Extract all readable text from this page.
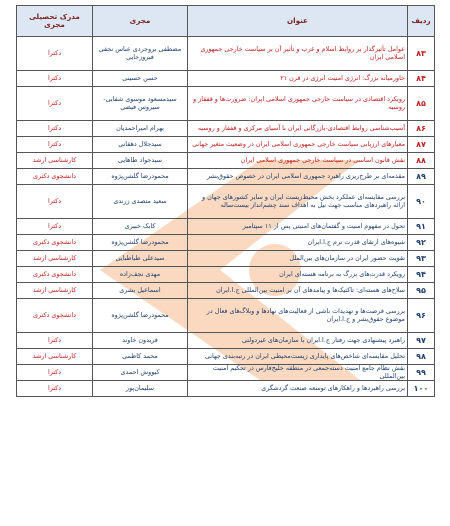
ردیف	عنوان	مجری	مدرک تحصیلی مجری
۸۳	عوامل تأثیرگذار بر روابط اسلام و غرب و تأثیر آن بر سیاست خارجی جمهوری اسلامی ایران	مصطفی بروجردی عباس نجفی فیروزجایی	دکترا
۸۴	خاورمیانه بزرگ: انرژی امنیت انرژی در قرن ۲۱	حسن حسینی	دکترا
۸۵	رویکرد اقتصادی در سیاست خارجی جمهوری اسلامی ایران: ضرورت‌ها و قفقاز و روسیه	سیدمسعود موسوی شفایی-سیروس فیضی	دکترا
۸۶	آسیب‌شناسی روابط اقتصادی-بازرگانی ایران با آسیای مرکزی و قفقاز و روسیه	بهرام امیراحمدیان	دکترا
۸۷	معیارهای ارزیابی سیاست خارجی جمهوری اسلامی ایران در وضعیت متغیر جهانی	سیدجلال دهقانی	دکترا
۸۸	نقش قانون اساسی در سیاست خارجی جمهوری اسلامی ایران	سیدجواد طاهایی	کارشناسی ارشد
۸۹	مقدمه‌ای بر طرح‌ریزی راهبرد جمهوری اسلامی ایران در خصوص حقوق‌بشر	محمودرضا گلشن‌پژوه	دانشجوی دکتری
۹۰	بررسی مقایسه‌ای عملکرد بخش محیط‌زیست ایران و سایر کشورهای جهان و ارائه راهبردهای مناسب جهت نیل به اهداف سند چشم‌انداز بیست‌ساله	سعید متصدی زرندی	دکترا
۹۱	تحول در مفهوم امنیت و گفتمان‌های امنیتی پس از ۱۱ سپتامبر	کابک خبیری	دکترا
۹۲	شیوه‌های ارتقای قدرت نرم ج.ا.ایران	محمودرضا گلشن‌پژوه	دانشجوی دکتری
۹۳	تقویت حضور ایران در سازمان‌های بین‌الملل	سیدعلی طباطبایی	کارشناسی ارشد
۹۴	رویکرد قدرت‌های بزرگ به برنامه هسته‌ای ایران	مهدی نجف‌زاده	دانشجوی دکتری
۹۵	سلاح‌های هسته‌ای: تاکتیک‌ها و پیامدهای آن بر امنیت بین‌المللی ج.ا.ایران	اسماعیل بشری	کارشناسی ارشد
۹۶	بررسی فرصت‌ها و تهدیدات ناشی از فعالیت‌های نهادها و وبلاگ‌های فعال در موضوع حقوق‌بشر و ج.ا.ایران	محمودرضا گلشن‌پژوه	دانشجوی دکتری
۹۷	راهبرد پیشنهادی جهت رفتار ج.ا.ایران با سازمان‌های غیردولتی	فریدون خاوند	دکترا
۹۸	تحلیل مقایسه‌ای شاخص‌های پایداری زیست‌محیطی ایران در رتبه‌بندی جهانی	محمد کاظمی	کارشناسی ارشد
۹۹	نقش نظام جامع امنیت دسته‌جمعی در منطقه خلیج‌فارس در تحکیم امنیت بین‌المللی	کیووش احمدی	دکترا
۱۰۰	بررسی راهبردها و راهکارهای توسعه صنعت گردشگری	سلیمان‌پور	دکترا
